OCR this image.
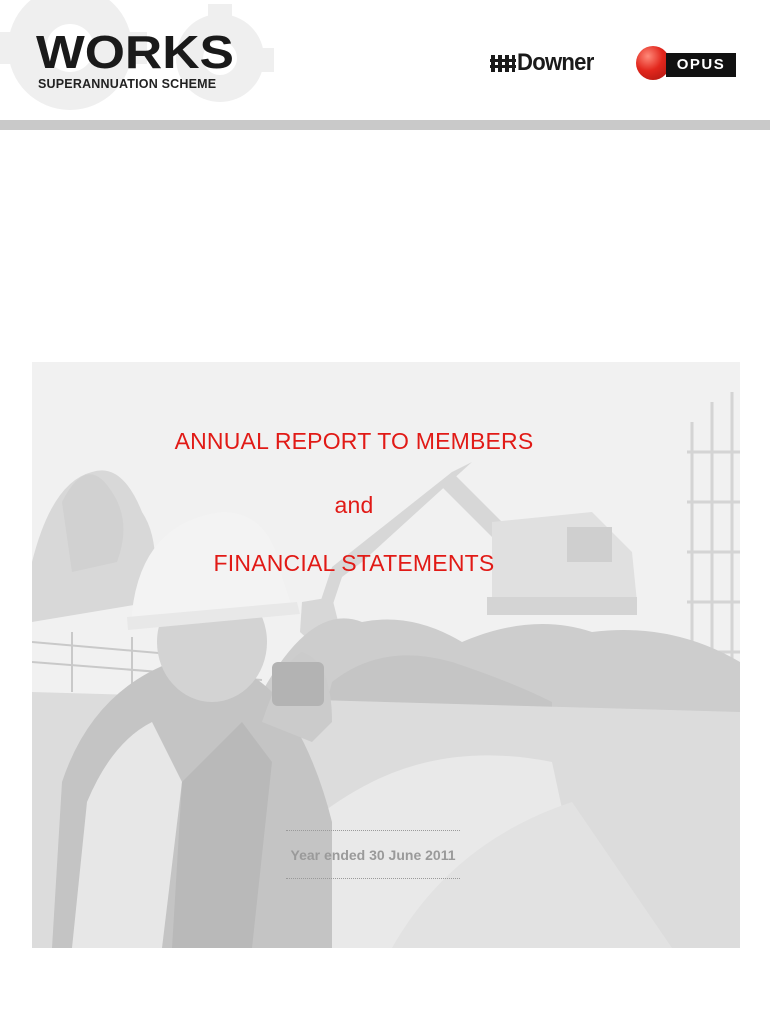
WORKS
SUPERANNUATION SCHEME
Downer	OPUS
ANNUAL REPORT TO MEMBERS
and
FINANCIAL STATEMENTS
Year ended 30 June 2011
